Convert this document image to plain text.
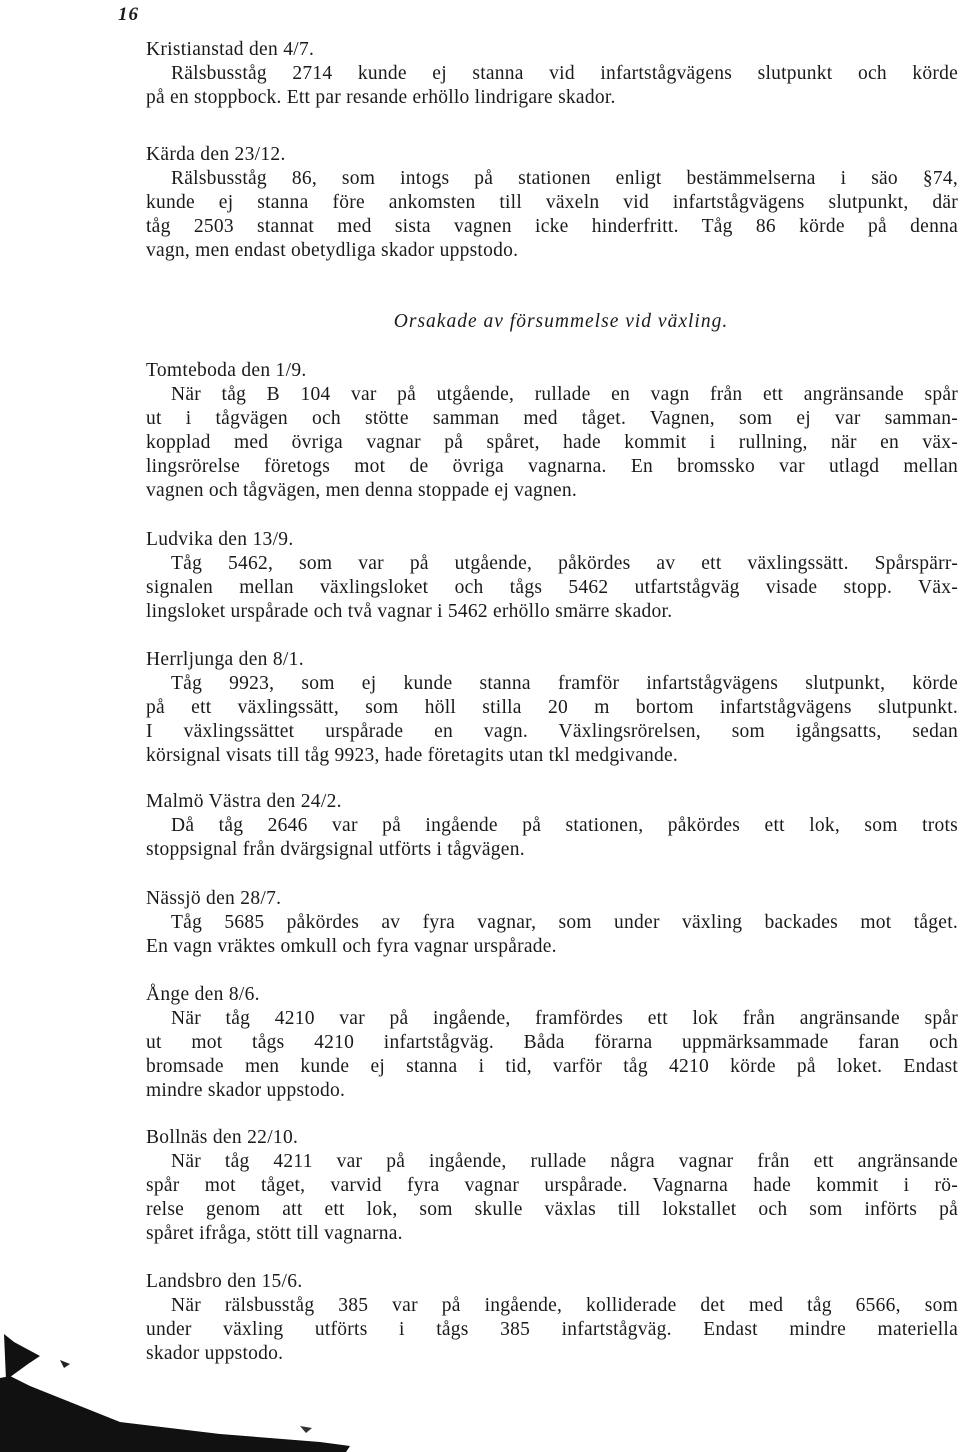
16
Kristianstad den 4/7.
Rälsbusståg 2714 kunde ej stanna vid infartstågvägens slutpunkt och körde
på en stoppbock. Ett par resande erhöllo lindrigare skador.
Kärda den 23/12.
Rälsbusståg 86, som intogs på stationen enligt bestämmelserna i säo §74,
kunde ej stanna före ankomsten till växeln vid infartstågvägens slutpunkt, där
tåg 2503 stannat med sista vagnen icke hinderfritt. Tåg 86 körde på denna
vagn, men endast obetydliga skador uppstodo.
Orsakade av försummelse vid växling.
Tomteboda den 1/9.
När tåg B 104 var på utgående, rullade en vagn från ett angränsande spår
ut i tågvägen och stötte samman med tåget. Vagnen, som ej var samman-
kopplad med övriga vagnar på spåret, hade kommit i rullning, när en väx-
lingsrörelse företogs mot de övriga vagnarna. En bromssko var utlagd mellan
vagnen och tågvägen, men denna stoppade ej vagnen.
Ludvika den 13/9.
Tåg 5462, som var på utgående, påkördes av ett växlingssätt. Spårspärr-
signalen mellan växlingsloket och tågs 5462 utfartstågväg visade stopp. Väx-
lingsloket urspårade och två vagnar i 5462 erhöllo smärre skador.
Herrljunga den 8/1.
Tåg 9923, som ej kunde stanna framför infartstågvägens slutpunkt, körde
på ett växlingssätt, som höll stilla 20 m bortom infartstågvägens slutpunkt.
I växlingssättet urspårade en vagn. Växlingsrörelsen, som igångsatts, sedan
körsignal visats till tåg 9923, hade företagits utan tkl medgivande.
Malmö Västra den 24/2.
Då tåg 2646 var på ingående på stationen, påkördes ett lok, som trots
stoppsignal från dvärgsignal utförts i tågvägen.
Nässjö den 28/7.
Tåg 5685 påkördes av fyra vagnar, som under växling backades mot tåget.
En vagn vräktes omkull och fyra vagnar urspårade.
Ånge den 8/6.
När tåg 4210 var på ingående, framfördes ett lok från angränsande spår
ut mot tågs 4210 infartstågväg. Båda förarna uppmärksammade faran och
bromsade men kunde ej stanna i tid, varför tåg 4210 körde på loket. Endast
mindre skador uppstodo.
Bollnäs den 22/10.
När tåg 4211 var på ingående, rullade några vagnar från ett angränsande
spår mot tåget, varvid fyra vagnar urspårade. Vagnarna hade kommit i rö-
relse genom att ett lok, som skulle växlas till lokstallet och som införts på
spåret ifråga, stött till vagnarna.
Landsbro den 15/6.
När rälsbusståg 385 var på ingående, kolliderade det med tåg 6566, som
under växling utförts i tågs 385 infartstågväg. Endast mindre materiella
skador uppstodo.
